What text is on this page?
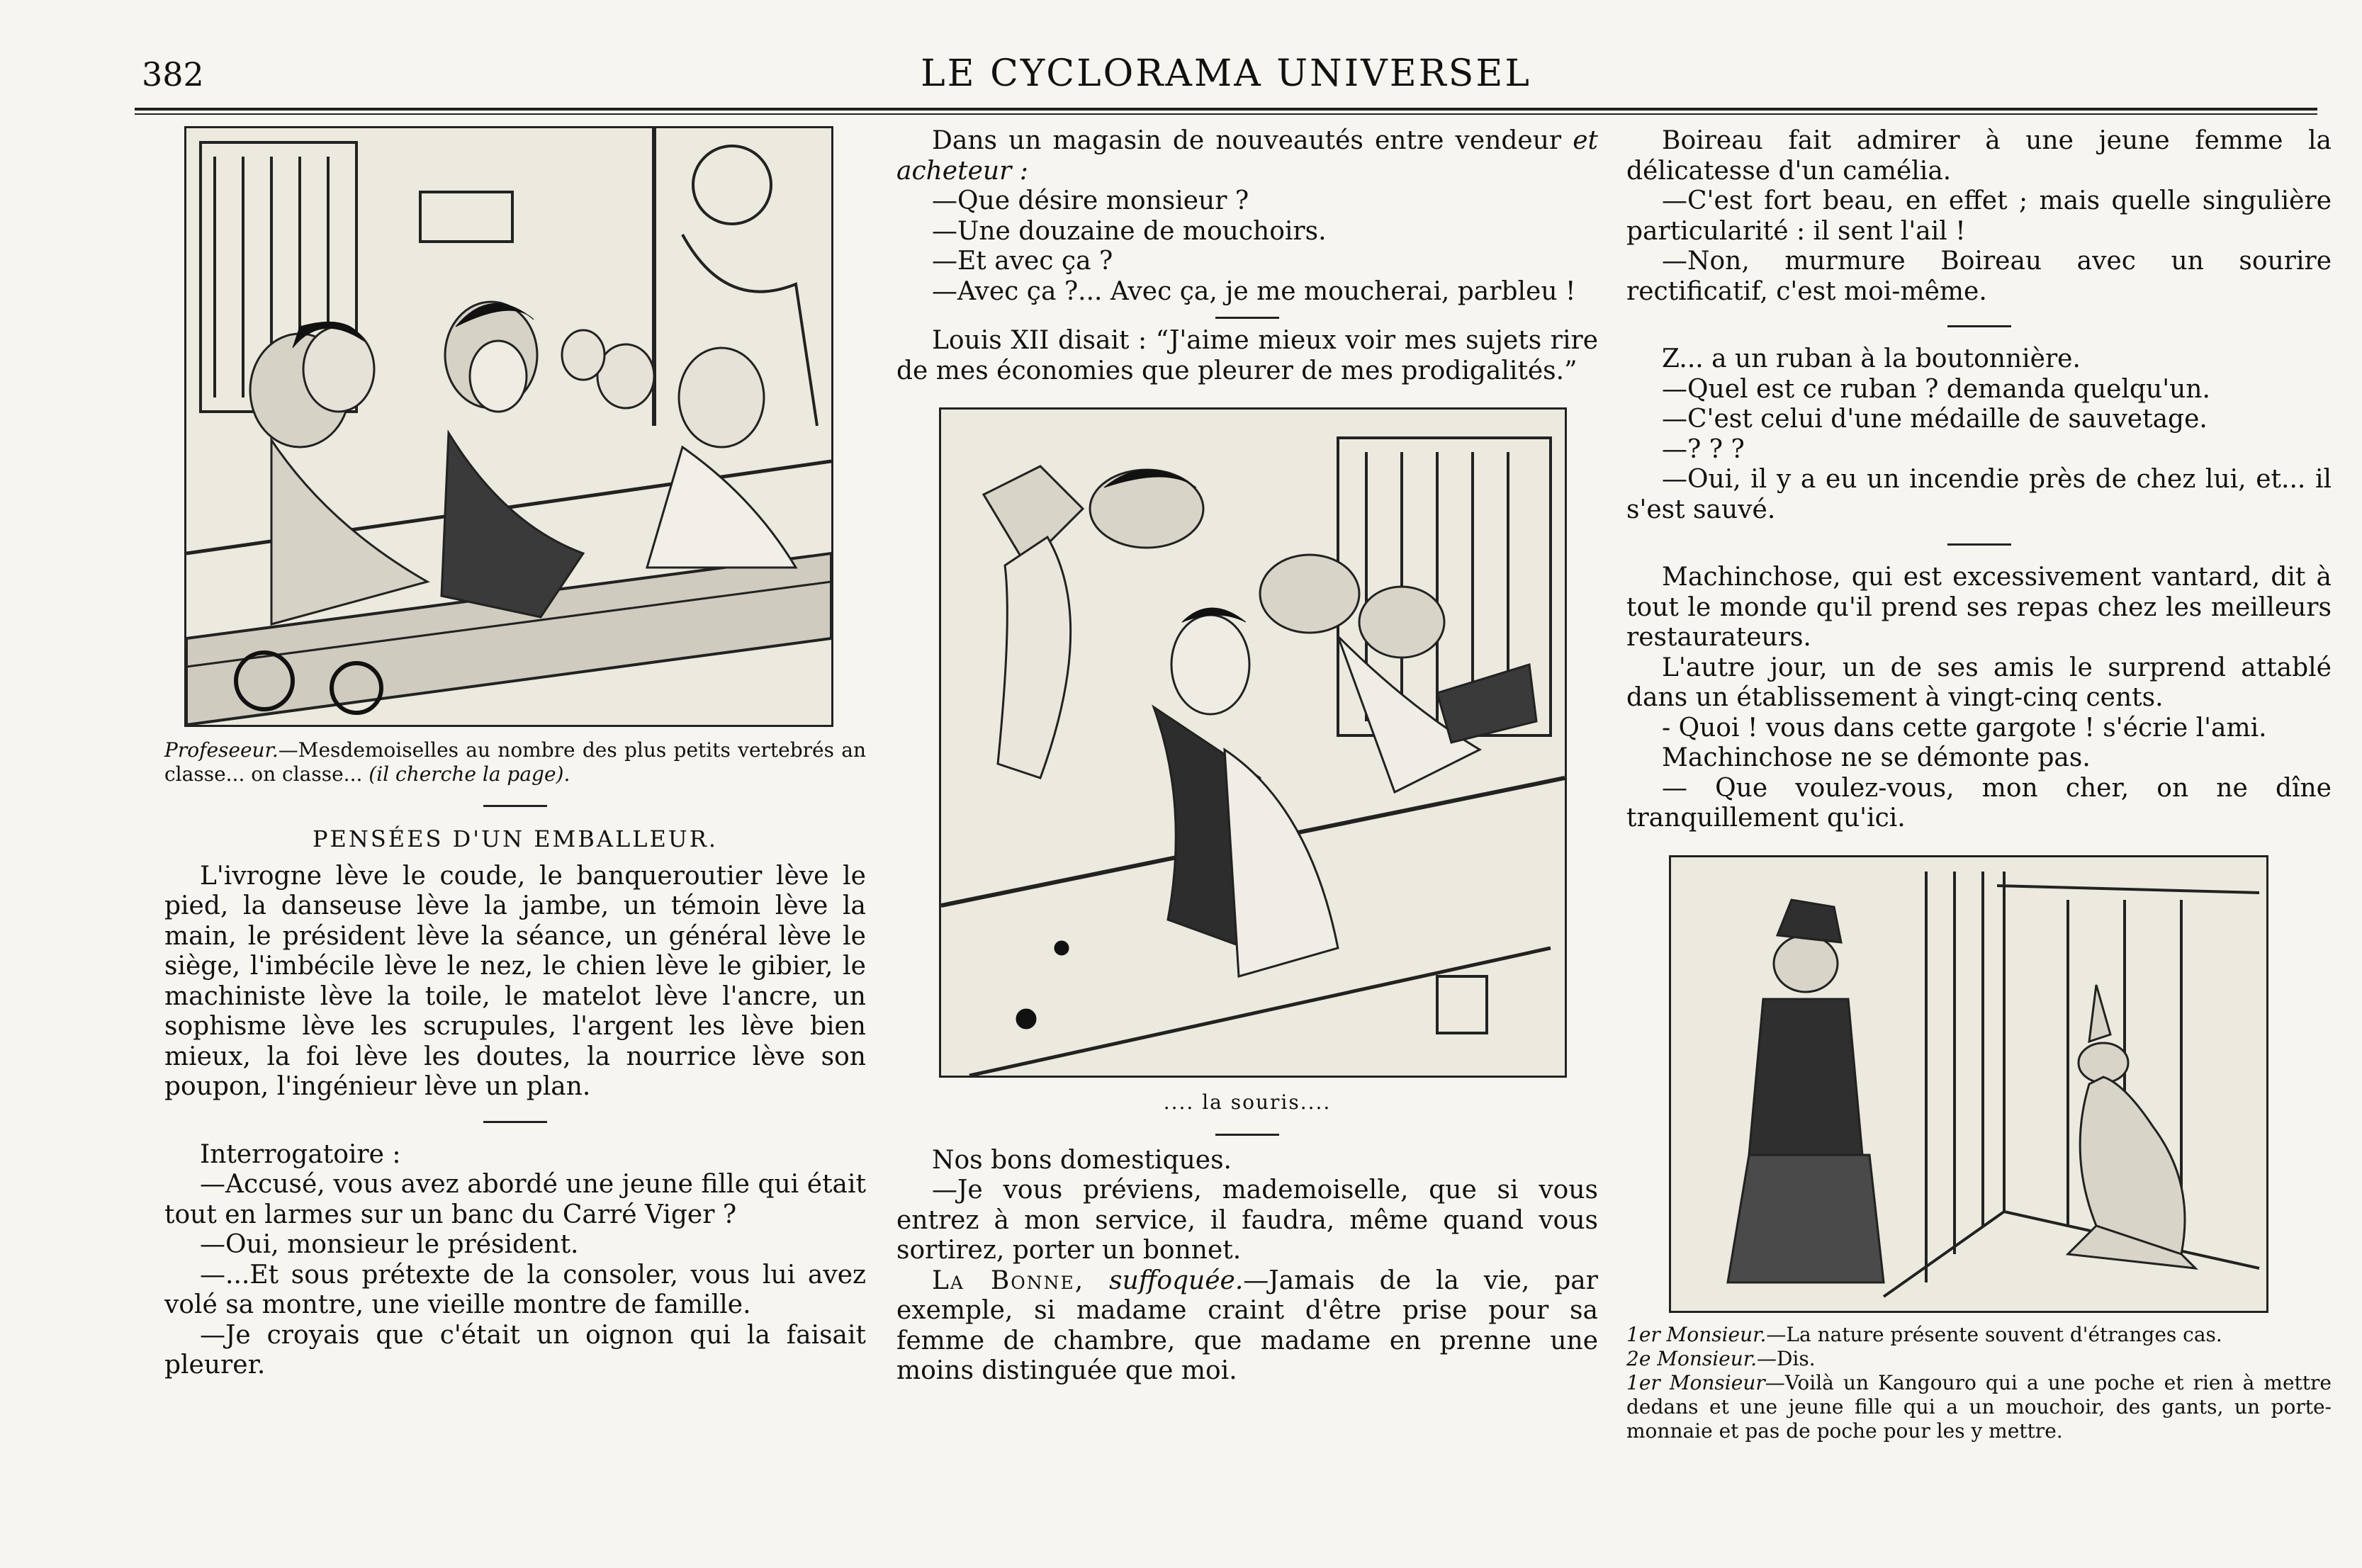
382	LE CYCLORAMA UNIVERSEL
Profeseeur.—Mesdemoiselles au nombre des plus petits vertebrés an classe... on classe... (il cherche la page).
PENSÉES D'UN EMBALLEUR.

L'ivrogne lève le coude, le banqueroutier lève le pied, la danseuse lève la jambe, un témoin lève la main, le président lève la séance, un général lève le siège, l'imbécile lève le nez, le chien lève le gibier, le machiniste lève la toile, le matelot lève l'ancre, un sophisme lève les scrupules, l'argent les lève bien mieux, la foi lève les doutes, la nourrice lève son poupon, l'ingénieur lève un plan.

Interrogatoire :

—Accusé, vous avez abordé une jeune fille qui était tout en larmes sur un banc du Carré Viger ?

—Oui, monsieur le président.

—...Et sous prétexte de la consoler, vous lui avez volé sa montre, une vieille montre de famille.

—Je croyais que c'était un oignon qui la faisait pleurer.

Dans un magasin de nouveautés entre vendeur et acheteur :

—Que désire monsieur ?

—Une douzaine de mouchoirs.

—Et avec ça ?

—Avec ça ?... Avec ça, je me moucherai, parbleu !

Louis XII disait : “J'aime mieux voir mes sujets rire de mes économies que pleurer de mes prodigalités.”

.... la souris....

Nos bons domestiques.

—Je vous préviens, mademoiselle, que si vous entrez à mon service, il faudra, même quand vous sortirez, porter un bonnet.

La Bonne, suffoquée.—Jamais de la vie, par exemple, si madame craint d'être prise pour sa femme de chambre, que madame en prenne une moins distinguée que moi.

Boireau fait admirer à une jeune femme la délicatesse d'un camélia.

—C'est fort beau, en effet ; mais quelle singulière particularité : il sent l'ail !

—Non, murmure Boireau avec un sourire rectificatif, c'est moi-même.

Z... a un ruban à la boutonnière.

—Quel est ce ruban ? demanda quelqu'un.

—C'est celui d'une médaille de sauvetage.

—? ? ?

—Oui, il y a eu un incendie près de chez lui, et... il s'est sauvé.

Machinchose, qui est excessivement vantard, dit à tout le monde qu'il prend ses repas chez les meilleurs restaurateurs.

L'autre jour, un de ses amis le surprend attablé dans un établissement à vingt-cinq cents.

- Quoi ! vous dans cette gargote ! s'écrie l'ami.

Machinchose ne se démonte pas.

— Que voulez-vous, mon cher, on ne dîne tranquillement qu'ici.

1er Monsieur.—La nature présente souvent d'étranges cas.
2e Monsieur.—Dis.
1er Monsieur—Voilà un Kangouro qui a une poche et rien à mettre dedans et une jeune fille qui a un mouchoir, des gants, un porte-monnaie et pas de poche pour les y mettre.
